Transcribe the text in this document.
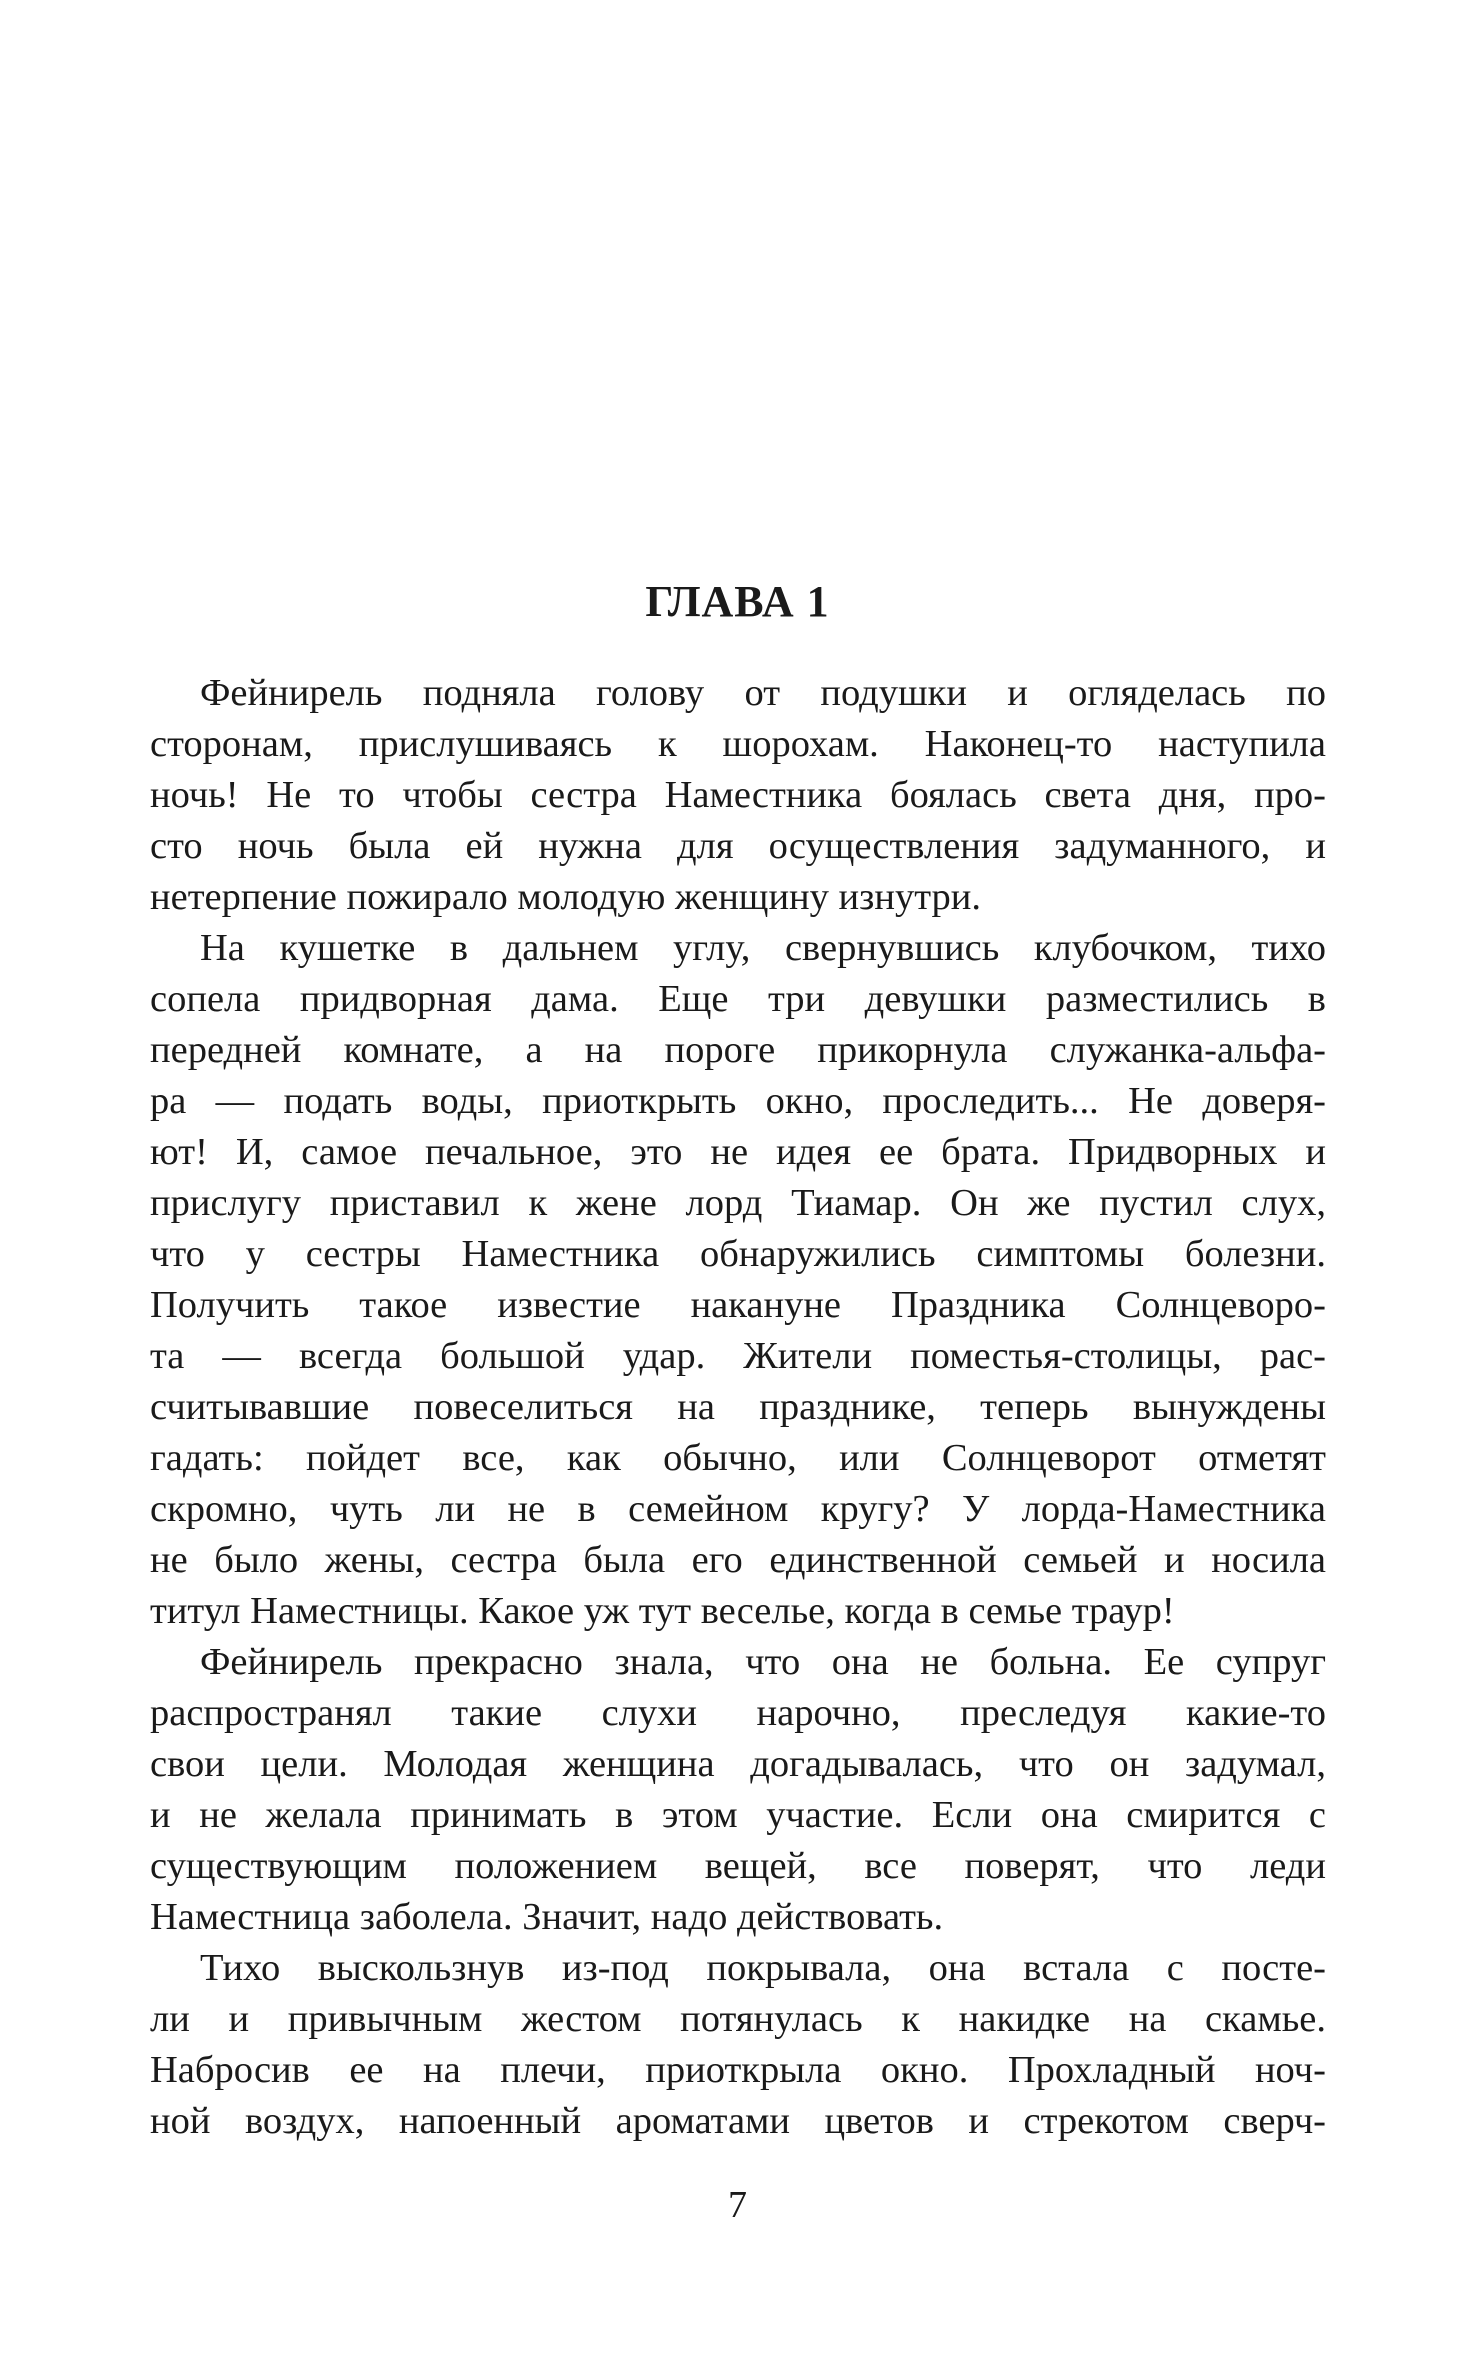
ГЛАВА 1
Фейнирель подняла голову от подушки и огляделась по
сторонам, прислушиваясь к шорохам. Наконец-то наступила
ночь! Не то чтобы сестра Наместника боялась света дня, про-
сто ночь была ей нужна для осуществления задуманного, и
нетерпение пожирало молодую женщину изнутри.
На кушетке в дальнем углу, свернувшись клубочком, тихо
сопела придворная дама. Еще три девушки разместились в
передней комнате, а на пороге прикорнула служанка-альфа-
ра — подать воды, приоткрыть окно, проследить... Не доверя-
ют! И, самое печальное, это не идея ее брата. Придворных и
прислугу приставил к жене лорд Тиамар. Он же пустил слух,
что у сестры Наместника обнаружились симптомы болезни.
Получить такое известие накануне Праздника Солнцеворо-
та — всегда большой удар. Жители поместья-столицы, рас-
считывавшие повеселиться на празднике, теперь вынуждены
гадать: пойдет все, как обычно, или Солнцеворот отметят
скромно, чуть ли не в семейном кругу? У лорда-Наместника
не было жены, сестра была его единственной семьей и носила
титул Наместницы. Какое уж тут веселье, когда в семье траур!
Фейнирель прекрасно знала, что она не больна. Ее супруг
распространял такие слухи нарочно, преследуя какие-то
свои цели. Молодая женщина догадывалась, что он задумал,
и не желала принимать в этом участие. Если она смирится с
существующим положением вещей, все поверят, что леди
Наместница заболела. Значит, надо действовать.
Тихо выскользнув из-под покрывала, она встала с посте-
ли и привычным жестом потянулась к накидке на скамье.
Набросив ее на плечи, приоткрыла окно. Прохладный ноч-
ной воздух, напоенный ароматами цветов и стрекотом сверч-
7
